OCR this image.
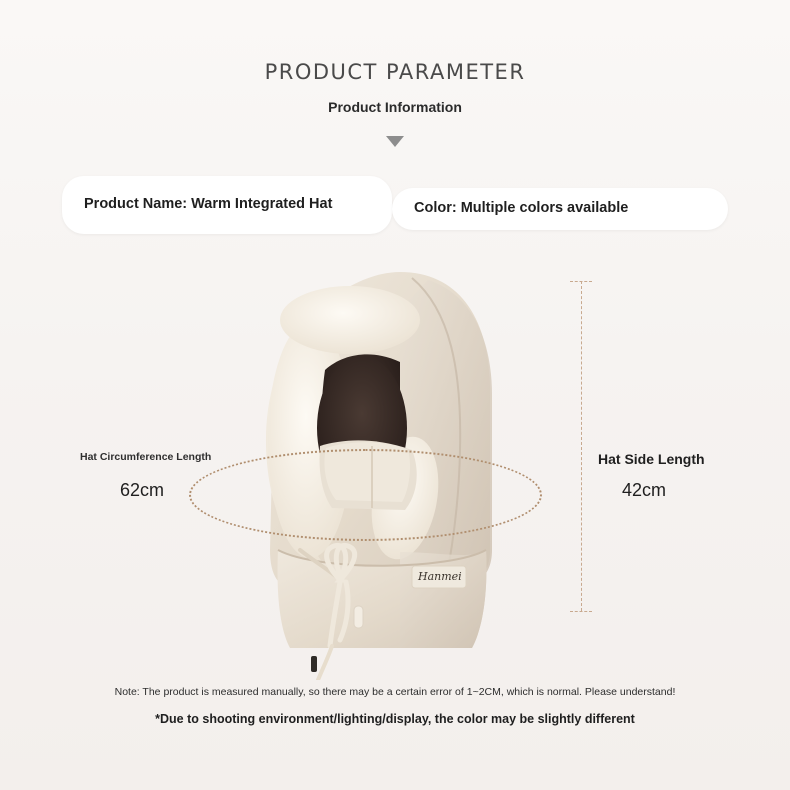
PRODUCT PARAMETER
Product Information
Product Name: Warm Integrated Hat	Color: Multiple colors available
Hanmei
Hat Circumference Length
62cm
Hat Side Length
42cm
Note: The product is measured manually, so there may be a certain error of 1~2CM, which is normal. Please understand!
*Due to shooting environment/lighting/display, the color may be slightly different
